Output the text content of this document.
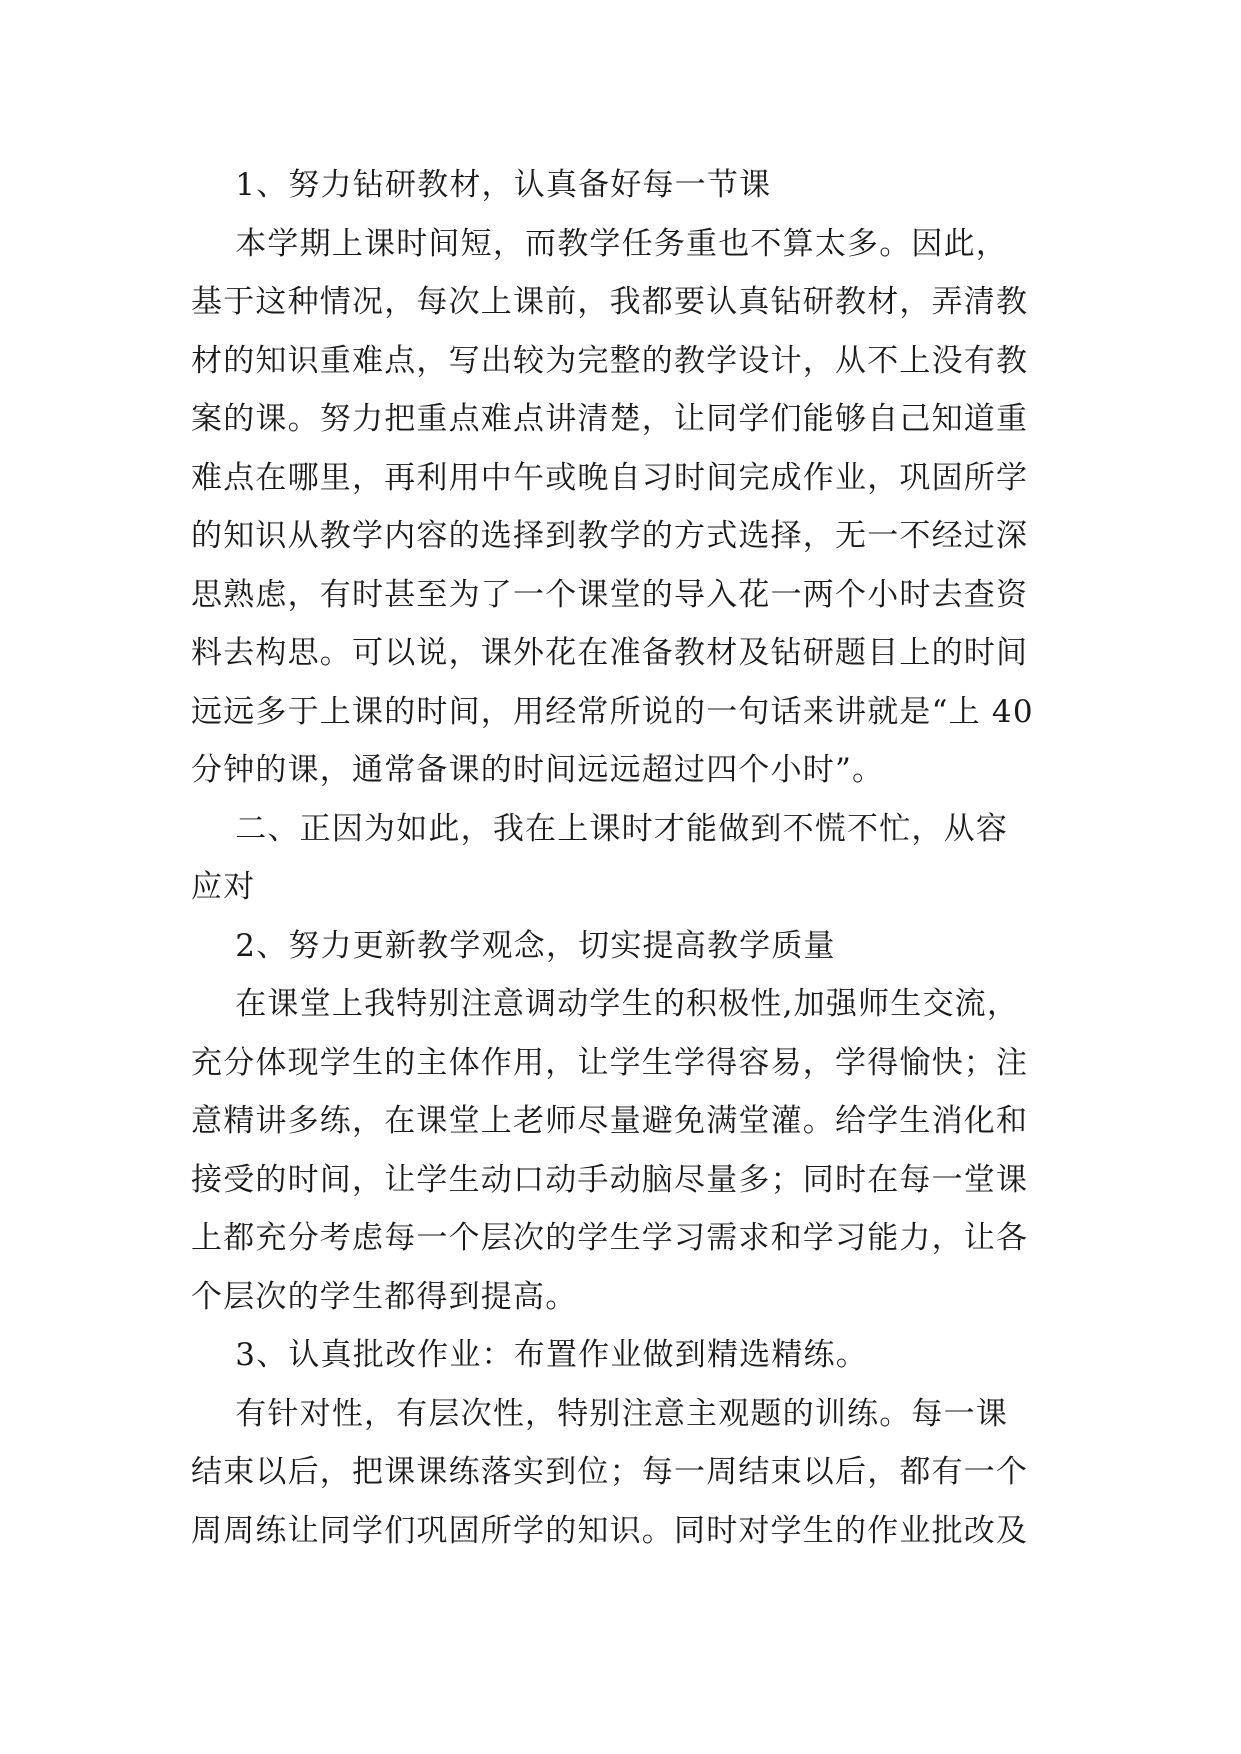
1、努力钻研教材，认真备好每一节课
本学期上课时间短，而教学任务重也不算太多。因此，
基于这种情况，每次上课前，我都要认真钻研教材，弄清教
材的知识重难点，写出较为完整的教学设计，从不上没有教
案的课。努力把重点难点讲清楚，让同学们能够自己知道重
难点在哪里，再利用中午或晚自习时间完成作业，巩固所学
的知识从教学内容的选择到教学的方式选择，无一不经过深
思熟虑，有时甚至为了一个课堂的导入花一两个小时去查资
料去构思。可以说，课外花在准备教材及钻研题目上的时间
远远多于上课的时间，用经常所说的一句话来讲就是“上 40
分钟的课，通常备课的时间远远超过四个小时”。
二、正因为如此，我在上课时才能做到不慌不忙，从容
应对
2、努力更新教学观念，切实提高教学质量
在课堂上我特别注意调动学生的积极性,加强师生交流，
充分体现学生的主体作用，让学生学得容易，学得愉快；注
意精讲多练，在课堂上老师尽量避免满堂灌。给学生消化和
接受的时间，让学生动口动手动脑尽量多；同时在每一堂课
上都充分考虑每一个层次的学生学习需求和学习能力，让各
个层次的学生都得到提高。
3、认真批改作业：布置作业做到精选精练。
有针对性，有层次性，特别注意主观题的训练。每一课
结束以后，把课课练落实到位；每一周结束以后，都有一个
周周练让同学们巩固所学的知识。同时对学生的作业批改及
